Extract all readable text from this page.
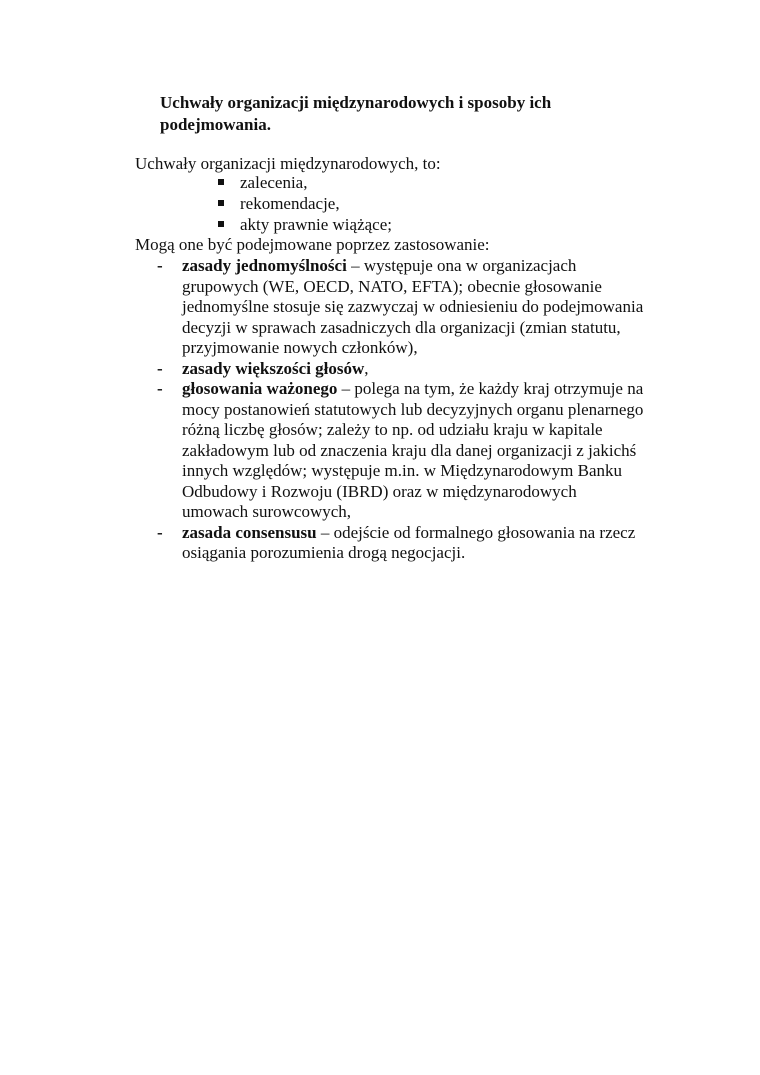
Uchwały organizacji międzynarodowych i sposoby ich podejmowania.
Uchwały organizacji międzynarodowych, to:
zalecenia,
rekomendacje,
akty prawnie wiążące;
Mogą one być podejmowane poprzez zastosowanie:
- zasady jednomyślności – występuje ona w organizacjach
grupowych (WE, OECD, NATO, EFTA); obecnie głosowanie
jednomyślne stosuje się zazwyczaj w odniesieniu do podejmowania
decyzji w sprawach zasadniczych dla organizacji (zmian statutu,
przyjmowanie nowych członków),
- zasady większości głosów,
- głosowania ważonego – polega na tym, że każdy kraj otrzymuje na
mocy postanowień statutowych lub decyzyjnych organu plenarnego
różną liczbę głosów; zależy to np. od udziału kraju w kapitale
zakładowym lub od znaczenia kraju dla danej organizacji z jakichś
innych względów; występuje m.in. w Międzynarodowym Banku
Odbudowy i Rozwoju (IBRD) oraz w międzynarodowych
umowach surowcowych,
- zasada consensusu – odejście od formalnego głosowania na rzecz
osiągania porozumienia drogą negocjacji.
